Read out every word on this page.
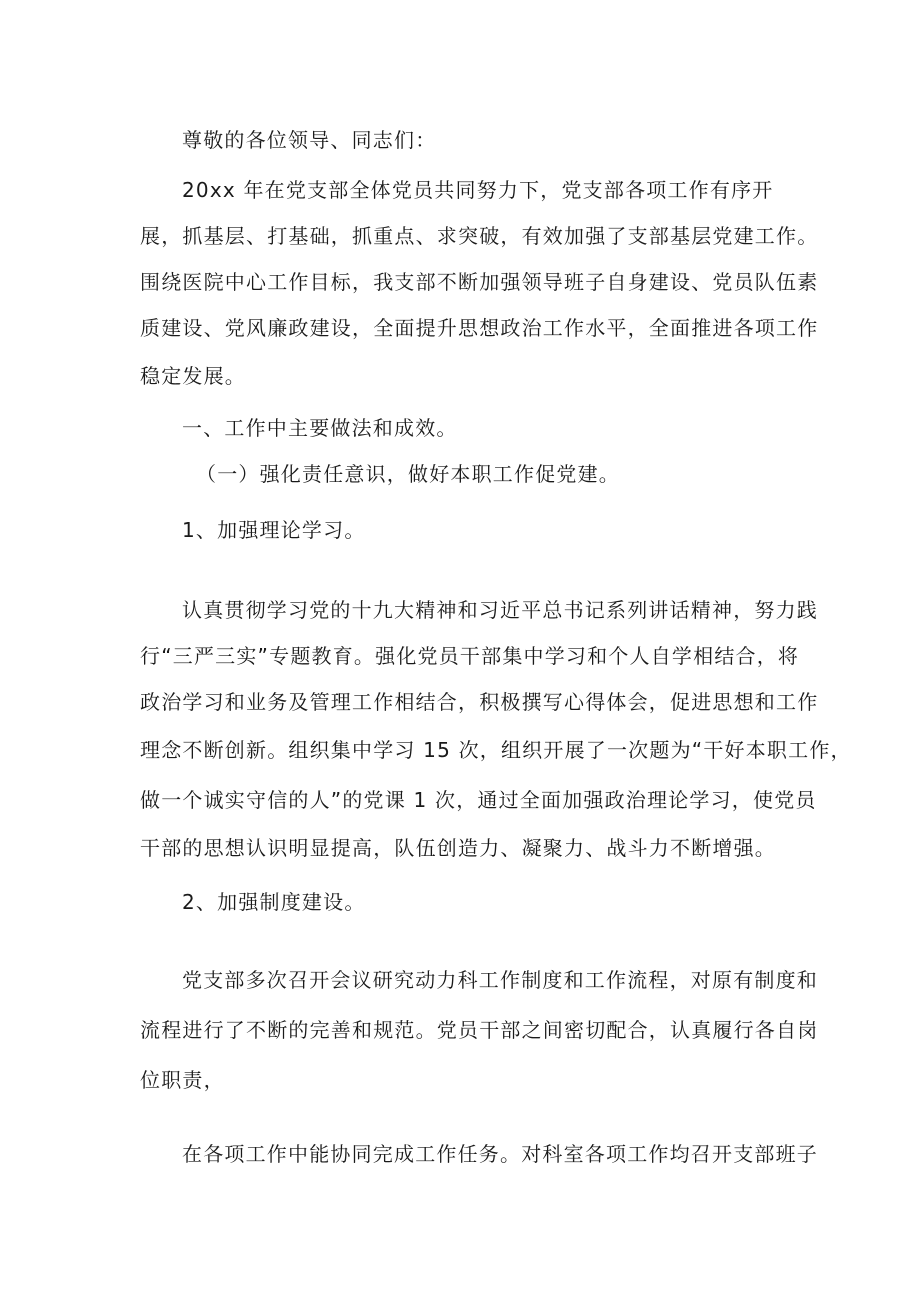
尊敬的各位领导、同志们：
20xx 年在党支部全体党员共同努力下，党支部各项工作有序开
展，抓基层、打基础，抓重点、求突破，有效加强了支部基层党建工作。
围绕医院中心工作目标，我支部不断加强领导班子自身建设、党员队伍素
质建设、党风廉政建设，全面提升思想政治工作水平，全面推进各项工作
稳定发展。
一、工作中主要做法和成效。
（一）强化责任意识，做好本职工作促党建。
1、加强理论学习。
认真贯彻学习党的十九大精神和习近平总书记系列讲话精神，努力践
行“三严三实”专题教育。强化党员干部集中学习和个人自学相结合，将
政治学习和业务及管理工作相结合，积极撰写心得体会，促进思想和工作
理念不断创新。组织集中学习 15 次，组织开展了一次题为“干好本职工作，
做一个诚实守信的人”的党课 1 次，通过全面加强政治理论学习，使党员
干部的思想认识明显提高，队伍创造力、凝聚力、战斗力不断增强。
2、加强制度建设。
党支部多次召开会议研究动力科工作制度和工作流程，对原有制度和
流程进行了不断的完善和规范。党员干部之间密切配合，认真履行各自岗
位职责，
在各项工作中能协同完成工作任务。对科室各项工作均召开支部班子
